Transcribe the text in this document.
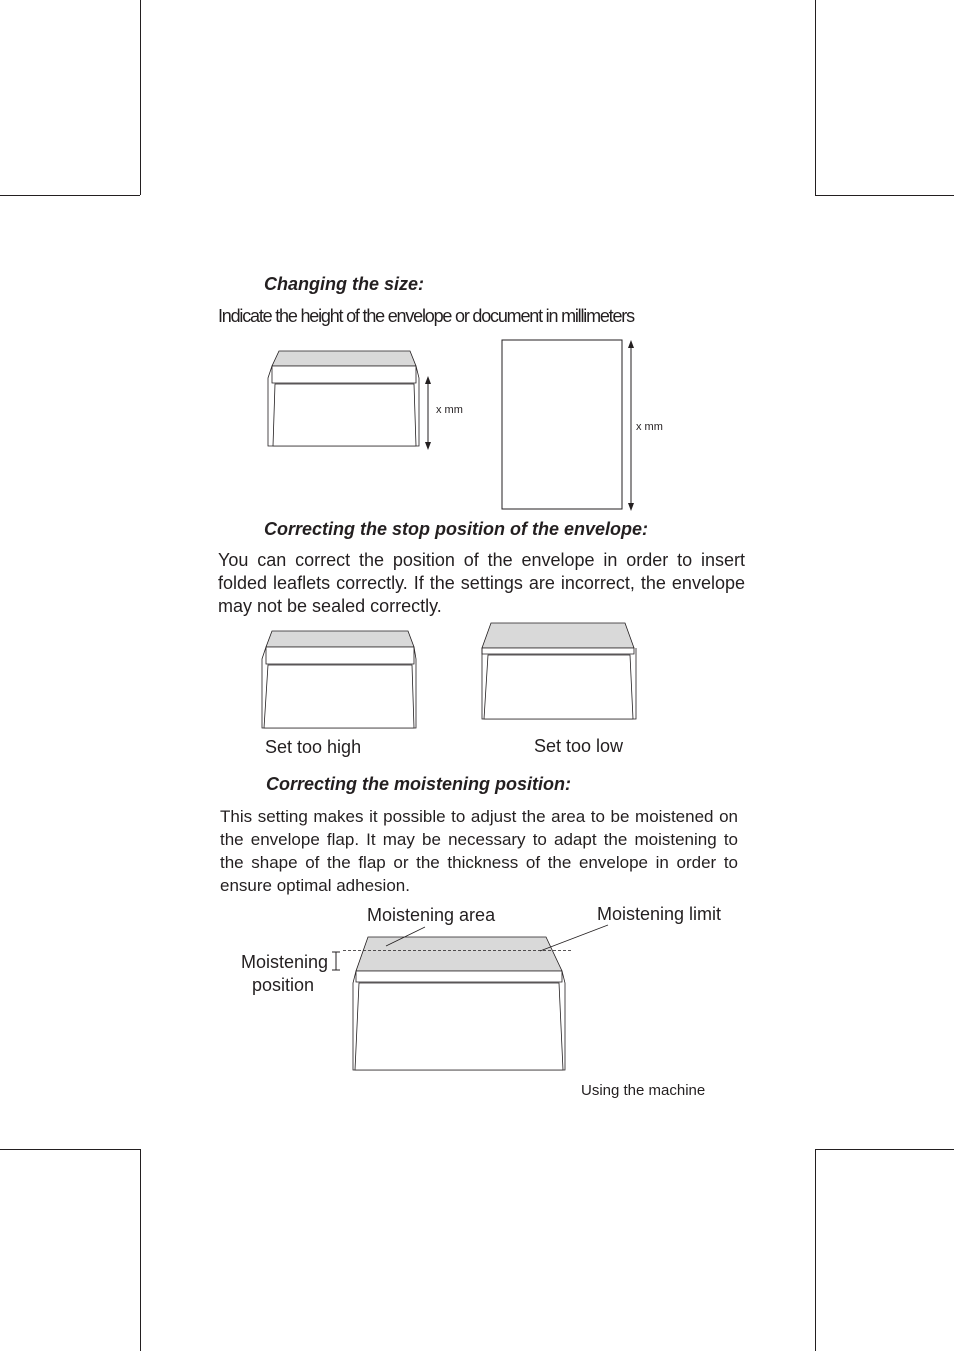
Changing the size:
Indicate the height of the envelope or document in millimeters
x mm
x mm
Correcting the stop position of the envelope:
You can correct the position of the envelope in order to insert folded leaflets correctly. If the settings are incorrect, the envelope may not be sealed correctly.
Set too high	Set too low
Correcting the moistening position:
This setting makes it possible to adjust the area to be moistened on the envelope flap. It may be necessary to adapt the moistening to the shape of the flap or the thickness of the envelope in order to ensure optimal adhesion.
Moistening area	Moistening limit
Moistening
position
Using the machine
